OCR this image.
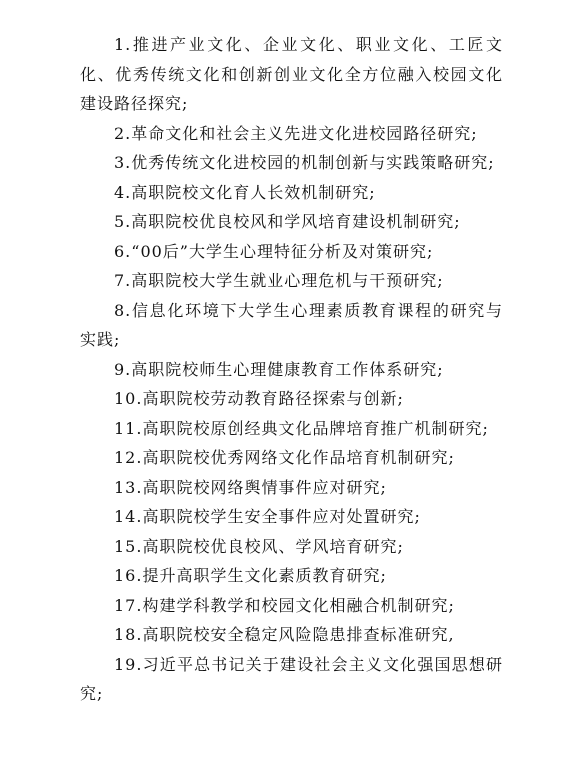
1.推进产业文化、企业文化、职业文化、工匠文化、优秀传统文化和创新创业文化全方位融入校园文化建设路径探究;

2.革命文化和社会主义先进文化进校园路径研究;

3.优秀传统文化进校园的机制创新与实践策略研究;

4.高职院校文化育人长效机制研究;

5.高职院校优良校风和学风培育建设机制研究;

6.“00后”大学生心理特征分析及对策研究;

7.高职院校大学生就业心理危机与干预研究;

8.信息化环境下大学生心理素质教育课程的研究与实践;

9.高职院校师生心理健康教育工作体系研究;

10.高职院校劳动教育路径探索与创新;

11.高职院校原创经典文化品牌培育推广机制研究;

12.高职院校优秀网络文化作品培育机制研究;

13.高职院校网络舆情事件应对研究;

14.高职院校学生安全事件应对处置研究;

15.高职院校优良校风、学风培育研究;

16.提升高职学生文化素质教育研究;

17.构建学科教学和校园文化相融合机制研究;

18.高职院校安全稳定风险隐患排查标准研究,

19.习近平总书记关于建设社会主义文化强国思想研究;
